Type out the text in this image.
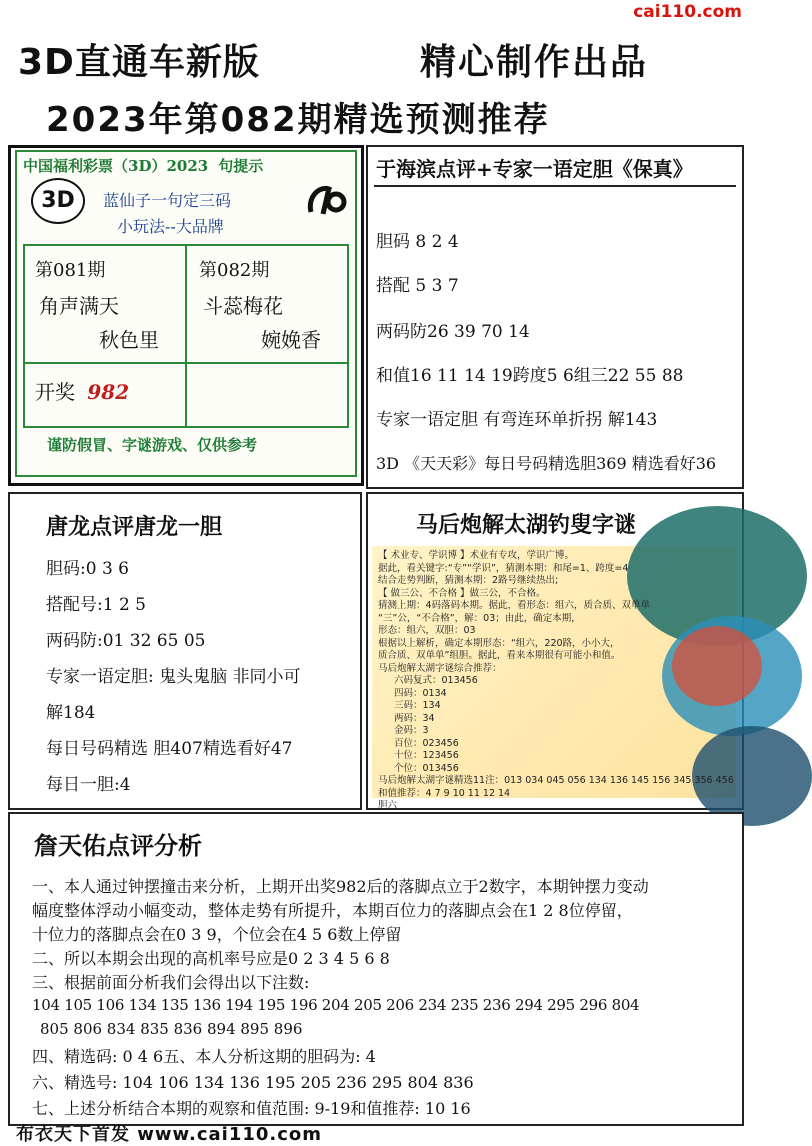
cai110.com
3D直通车新版	精心制作出品
2023年第082期精选预测推荐
中国福利彩票（3D）2023 句提示
3D	蓝仙子一句定三码
小玩法--大品牌
第081期
角声满天
秋色里
第082期
斗蕊梅花
婉娩香
开奖 982
谨防假冒、字谜游戏、仅供参考
于海滨点评+专家一语定胆《保真》
胆码 8 2 4
搭配 5 3 7
两码防26 39 70 14
和值16 11 14 19跨度5 6组三22 55 88
专家一语定胆 有弯连环单折拐 解143
3D 《天天彩》每日号码精选胆369 精选看好36
唐龙点评唐龙一胆
胆码:0 3 6
搭配号:1 2 5
两码防:01 32 65 05
专家一语定胆: 鬼头鬼脑 非同小可
解184
每日号码精选 胆407精选看好47
每日一胆:4
马后炮解太湖钓叟字谜
【 术业专、学识博 】术业有专攻，学识广博。
据此，看关键字:“专”“学识”，猜测本期：和尾=1、跨度=4
结合走势判断，猜测本期：2路号继续热出;
【 做三公、不合格 】做三公，不合格。
猜测上期：4码落码本期。据此，看形态：组六，质合质、双单单
“三”公，“不合格”，解：03；由此，确定本期，
形态：组六，双胆：03
根据以上解析，确定本期形态：“组六，220路，小小大，
质合质、双单单”组胆。据此，看来本期很有可能小和值。
马后炮解太湖字谜综合推荐：
六码复式：013456
四码：0134
三码：134
两码：34
金码：3
百位：023456
十位：123456
个位：013456
马后炮解太湖字谜精选11注：013 034 045 056 134 136 145 156 345 356 456
和值推荐：4 7 9 10 11 12 14
胆六
詹天佑点评分析
一、本人通过钟摆撞击来分析，上期开出奖982后的落脚点立于2数字，本期钟摆力变动
幅度整体浮动小幅变动，整体走势有所提升，本期百位力的落脚点会在1 2 8位停留，
十位力的落脚点会在0 3 9，个位会在4 5 6数上停留
二、所以本期会出现的高机率号应是0 2 3 4 5 6 8
三、根据前面分析我们会得出以下注数:
104 105 106 134 135 136 194 195 196 204 205 206 234 235 236 294 295 296 804
805 806 834 835 836 894 895 896
四、精选码: 0 4 6五、本人分析这期的胆码为: 4
六、精选号: 104 106 134 136 195 205 236 295 804 836
七、上述分析结合本期的观察和值范围: 9-19和值推荐: 10 16
布衣天下首发 www.cai110.com
